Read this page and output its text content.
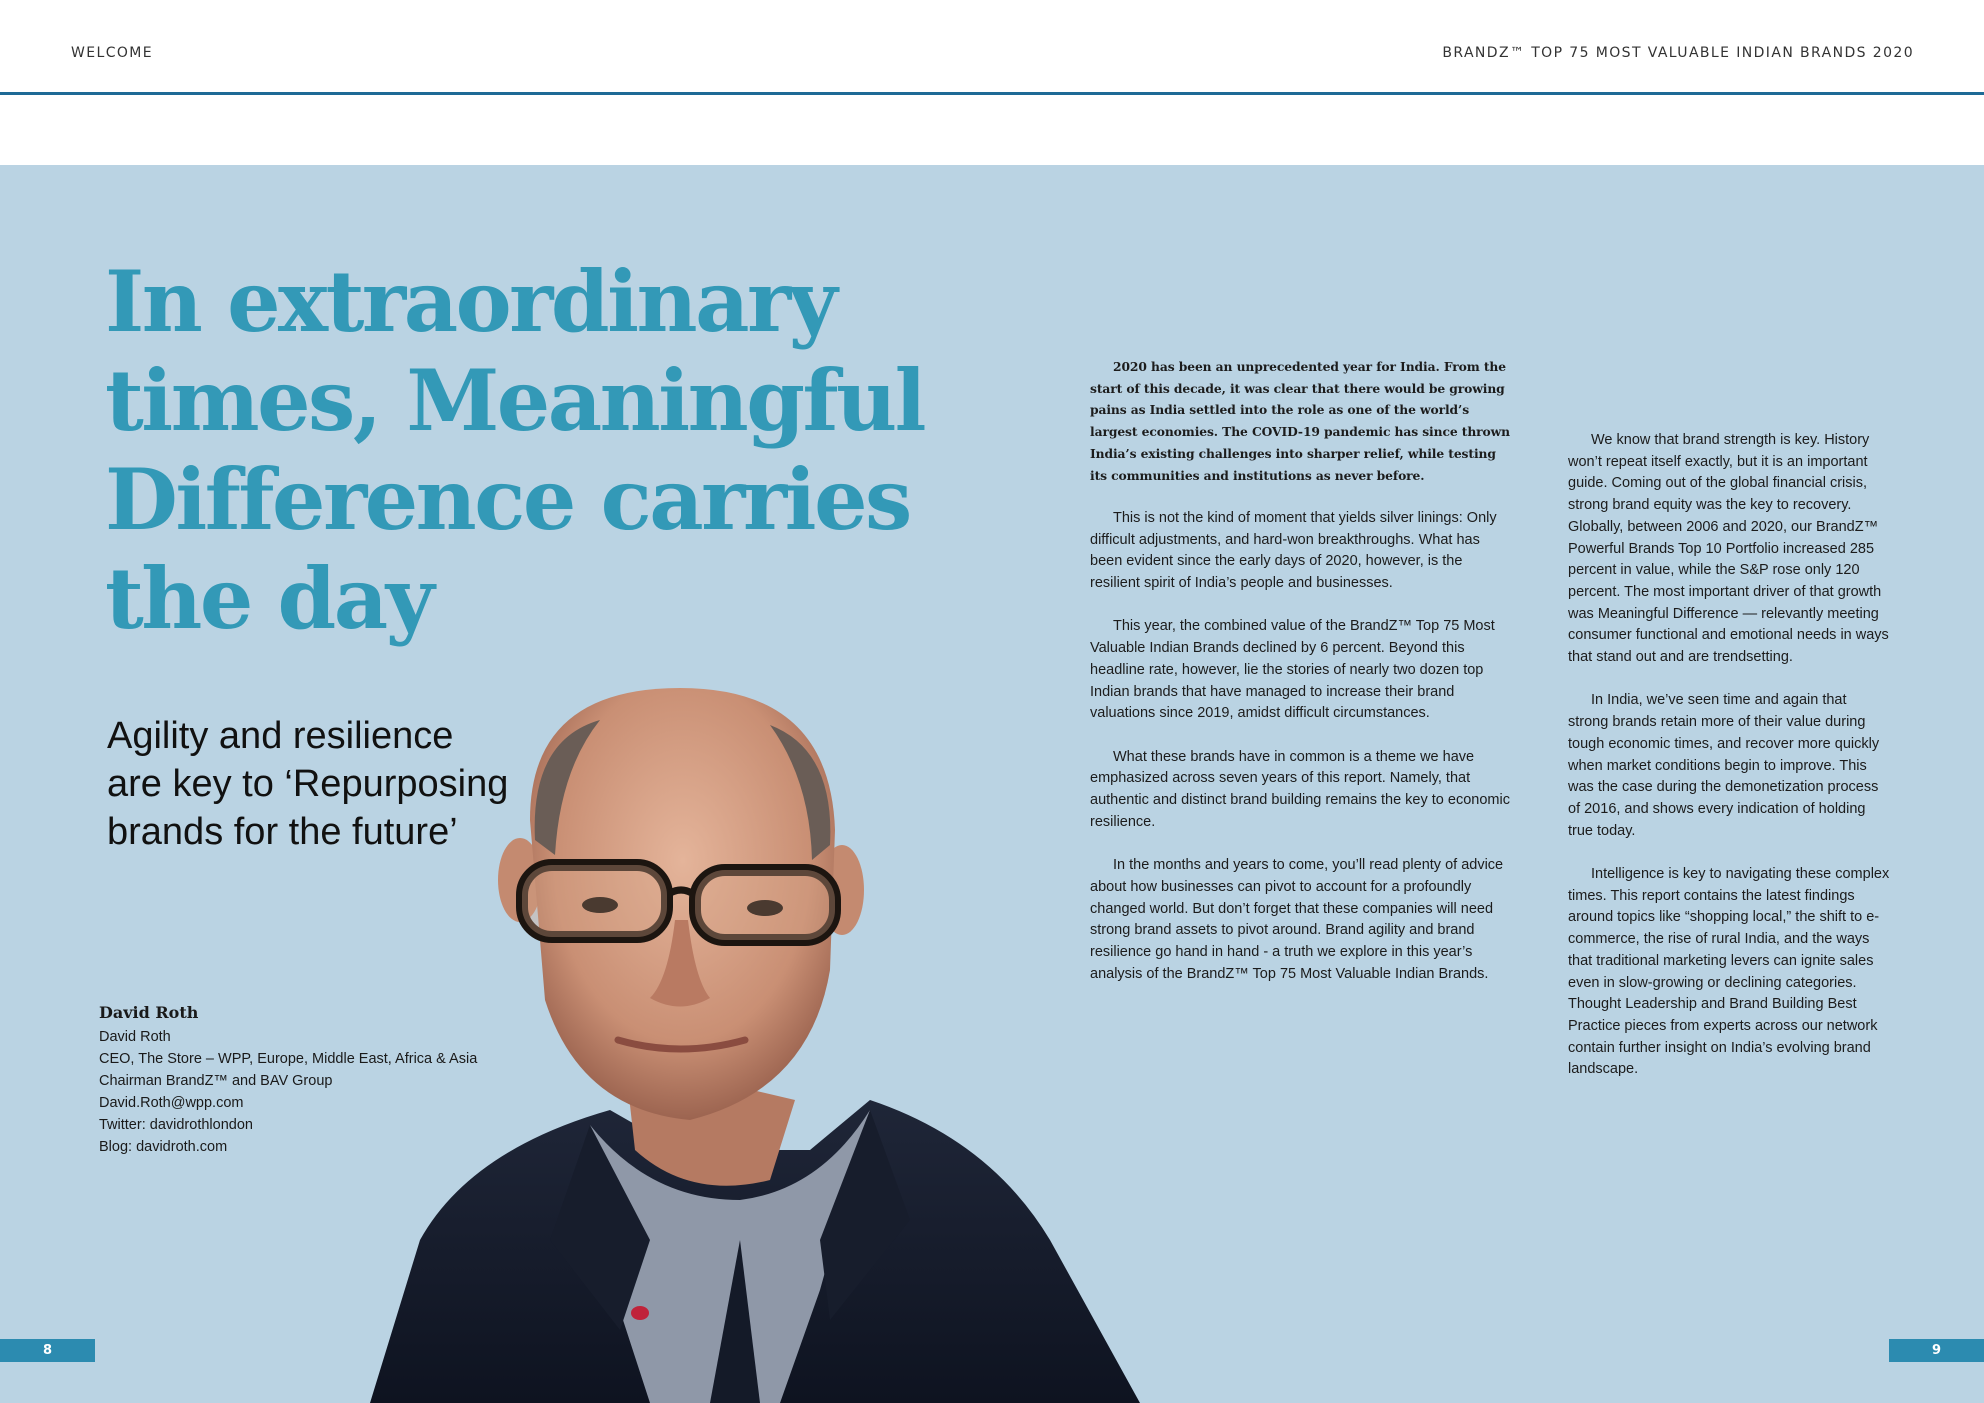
WELCOME	BRANDZ™ TOP 75 MOST VALUABLE INDIAN BRANDS 2020
In extraordinary
times, Meaningful
Difference carries
the day
Agility and resilience
are key to ‘Repurposing
brands for the future’
David Roth
David Roth
CEO, The Store – WPP, Europe, Middle East, Africa & Asia
Chairman BrandZ™ and BAV Group
David.Roth@wpp.com
Twitter: davidrothlondon
Blog: davidroth.com

2020 has been an unprecedented year for India. From the start of this decade, it was clear that there would be growing pains as India settled into the role as one of the world’s largest economies. The COVID-19 pandemic has since thrown India’s existing challenges into sharper relief, while testing its communities and institutions as never before.

This is not the kind of moment that yields silver linings: Only difficult adjustments, and hard-won breakthroughs. What has been evident since the early days of 2020, however, is the resilient spirit of India’s people and businesses.

This year, the combined value of the BrandZ™ Top 75 Most Valuable Indian Brands declined by 6 percent. Beyond this headline rate, however, lie the stories of nearly two dozen top Indian brands that have managed to increase their brand valuations since 2019, amidst difficult circumstances.

What these brands have in common is a theme we have emphasized across seven years of this report. Namely, that authentic and distinct brand building remains the key to economic resilience.

In the months and years to come, you’ll read plenty of advice about how businesses can pivot to account for a profoundly changed world. But don’t forget that these companies will need strong brand assets to pivot around. Brand agility and brand resilience go hand in hand - a truth we explore in this year’s analysis of the BrandZ™ Top 75 Most Valuable Indian Brands.

We know that brand strength is key. History won’t repeat itself exactly, but it is an important guide. Coming out of the global financial crisis, strong brand equity was the key to recovery. Globally, between 2006 and 2020, our BrandZ™ Powerful Brands Top 10 Portfolio increased 285 percent in value, while the S&P rose only 120 percent. The most important driver of that growth was Meaningful Difference — relevantly meeting consumer functional and emotional needs in ways that stand out and are trendsetting.

In India, we’ve seen time and again that strong brands retain more of their value during tough economic times, and recover more quickly when market conditions begin to improve. This was the case during the demonetization process of 2016, and shows every indication of holding true today.

Intelligence is key to navigating these complex times. This report contains the latest findings around topics like “shopping local,” the shift to e-commerce, the rise of rural India, and the ways that traditional marketing levers can ignite sales even in slow-growing or declining categories. Thought Leadership and Brand Building Best Practice pieces from experts across our network contain further insight on India’s evolving brand landscape.

8	9
